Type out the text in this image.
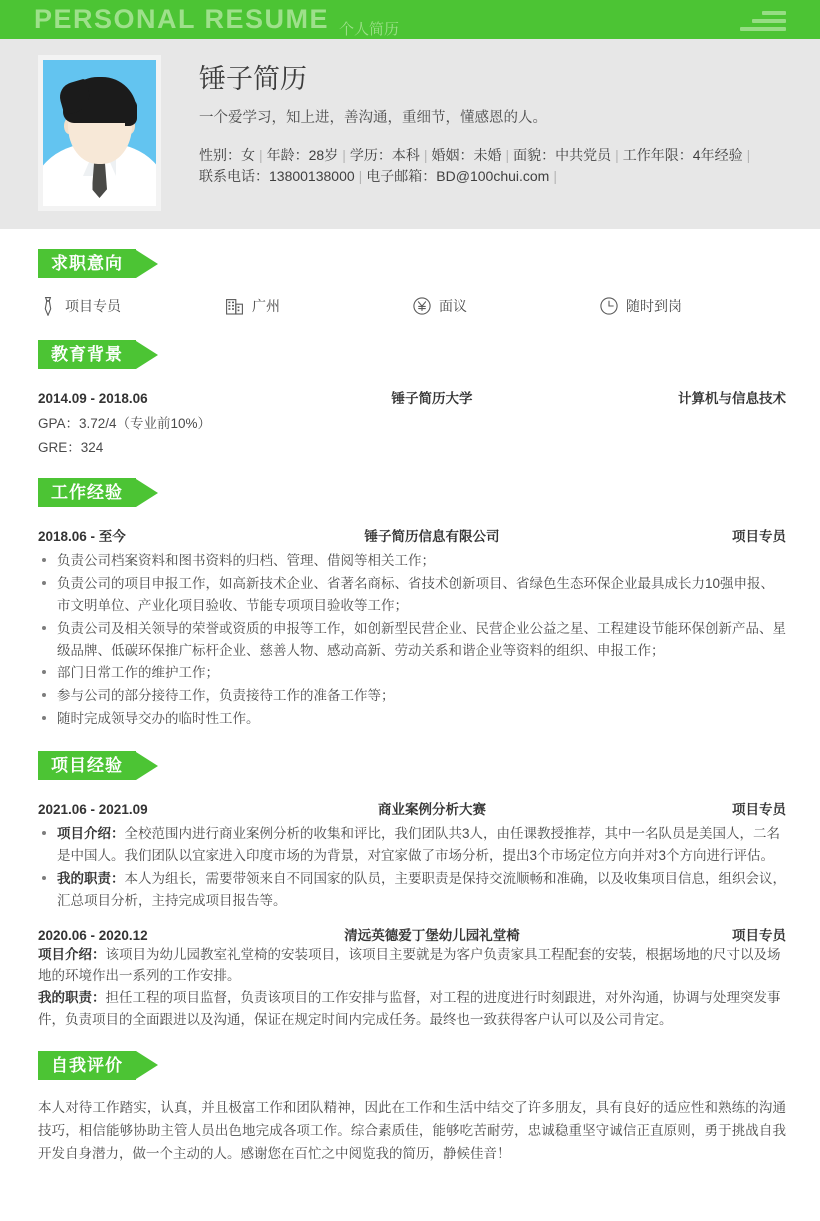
PERSONAL RESUME 个人简历
锤子简历
一个爱学习，知上进，善沟通，重细节，懂感恩的人。
性别：女 | 年龄：28岁 | 学历：本科 | 婚姻：未婚 | 面貌：中共党员 | 工作年限：4年经验 |
联系电话：13800138000 | 电子邮箱：BD@100chui.com |
求职意向
项目专员	广州	面议	随时到岗
教育背景
2014.09 - 2018.06	锤子简历大学	计算机与信息技术
GPA：3.72/4（专业前10%）
GRE：324
工作经验
2018.06 - 至今	锤子简历信息有限公司	项目专员
负责公司档案资料和图书资料的归档、管理、借阅等相关工作；
负责公司的项目申报工作，如高新技术企业、省著名商标、省技术创新项目、省绿色生态环保企业最具成长力10强申报、市文明单位、产业化项目验收、节能专项项目验收等工作；
负责公司及相关领导的荣誉或资质的申报等工作，如创新型民营企业、民营企业公益之星、工程建设节能环保创新产品、星级品牌、低碳环保推广标杆企业、慈善人物、感动高新、劳动关系和谐企业等资料的组织、申报工作；
部门日常工作的维护工作；
参与公司的部分接待工作，负责接待工作的准备工作等；
随时完成领导交办的临时性工作。
项目经验
2021.06 - 2021.09	商业案例分析大赛	项目专员
项目介绍：全校范围内进行商业案例分析的收集和评比，我们团队共3人，由任课教授推荐，其中一名队员是美国人，二名是中国人。我们团队以宜家进入印度市场的为背景，对宜家做了市场分析，提出3个市场定位方向并对3个方向进行评估。
我的职责：本人为组长，需要带领来自不同国家的队员，主要职责是保持交流顺畅和准确，以及收集项目信息，组织会议，汇总项目分析，主持完成项目报告等。
2020.06 - 2020.12	清远英德爱丁堡幼儿园礼堂椅	项目专员
项目介绍：该项目为幼儿园教室礼堂椅的安装项目，该项目主要就是为客户负责家具工程配套的安装，根据场地的尺寸以及场地的环境作出一系列的工作安排。
我的职责：担任工程的项目监督，负责该项目的工作安排与监督，对工程的进度进行时刻跟进，对外沟通，协调与处理突发事件，负责项目的全面跟进以及沟通，保证在规定时间内完成任务。最终也一致获得客户认可以及公司肯定。
自我评价
本人对待工作踏实，认真，并且极富工作和团队精神，因此在工作和生活中结交了许多朋友，具有良好的适应性和熟练的沟通技巧，相信能够协助主管人员出色地完成各项工作。综合素质佳，能够吃苦耐劳，忠诚稳重坚守诚信正直原则，勇于挑战自我开发自身潜力，做一个主动的人。感谢您在百忙之中阅览我的简历，静候佳音！
